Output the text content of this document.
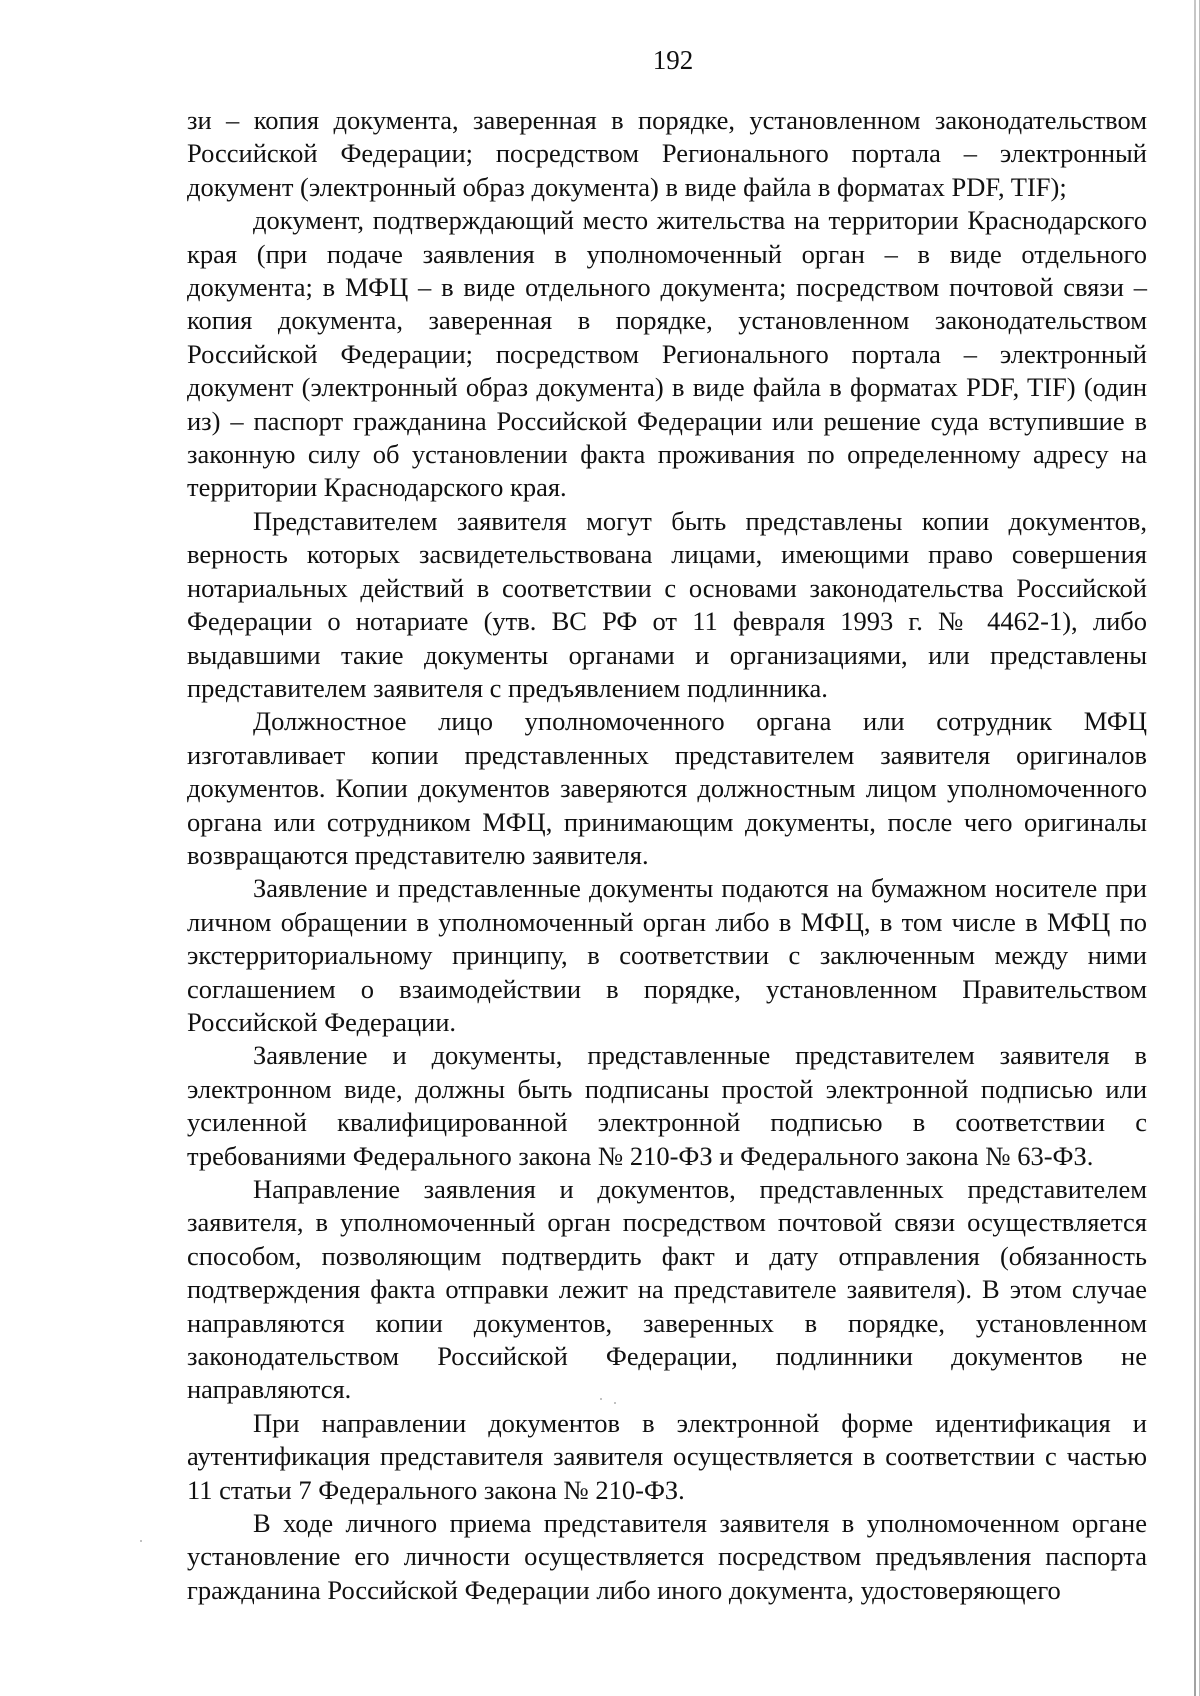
192

зи – копия документа, заверенная в порядке, установленном законодательством Российской Федерации; посредством Регионального портала – электронный документ (электронный образ документа) в виде файла в форматах PDF, TIF);

документ, подтверждающий место жительства на территории Краснодарского края (при подаче заявления в уполномоченный орган – в виде отдельного документа; в МФЦ – в виде отдельного документа; посредством почтовой связи – копия документа, заверенная в порядке, установленном законодательством Российской Федерации; посредством Регионального портала – электронный документ (электронный образ документа) в виде файла в форматах PDF, TIF) (один из) – паспорт гражданина Российской Федерации или решение суда вступившие в законную силу об установлении факта проживания по определенному адресу на территории Краснодарского края.

Представителем заявителя могут быть представлены копии документов, верность которых засвидетельствована лицами, имеющими право совершения нотариальных действий в соответствии с основами законодательства Российской Федерации о нотариате (утв. ВС РФ от 11 февраля 1993 г. № 4462-1), либо выдавшими такие документы органами и организациями, или представлены представителем заявителя с предъявлением подлинника.

Должностное лицо уполномоченного органа или сотрудник МФЦ изготавливает копии представленных представителем заявителя оригиналов документов. Копии документов заверяются должностным лицом уполномоченного органа или сотрудником МФЦ, принимающим документы, после чего оригиналы возвращаются представителю заявителя.

Заявление и представленные документы подаются на бумажном носителе при личном обращении в уполномоченный орган либо в МФЦ, в том числе в МФЦ по экстерриториальному принципу, в соответствии с заключенным между ними соглашением о взаимодействии в порядке, установленном Правительством Российской Федерации.

Заявление и документы, представленные представителем заявителя в электронном виде, должны быть подписаны простой электронной подписью или усиленной квалифицированной электронной подписью в соответствии с требованиями Федерального закона № 210-ФЗ и Федерального закона № 63-ФЗ.

Направление заявления и документов, представленных представителем заявителя, в уполномоченный орган посредством почтовой связи осуществляется способом, позволяющим подтвердить факт и дату отправления (обязанность подтверждения факта отправки лежит на представителе заявителя). В этом случае направляются копии документов, заверенных в порядке, установленном законодательством Российской Федерации, подлинники документов не направляются.

При направлении документов в электронной форме идентификация и аутентификация представителя заявителя осуществляется в соответствии с частью 11 статьи 7 Федерального закона № 210-ФЗ.

В ходе личного приема представителя заявителя в уполномоченном органе установление его личности осуществляется посредством предъявления паспорта гражданина Российской Федерации либо иного документа, удостоверяющего
